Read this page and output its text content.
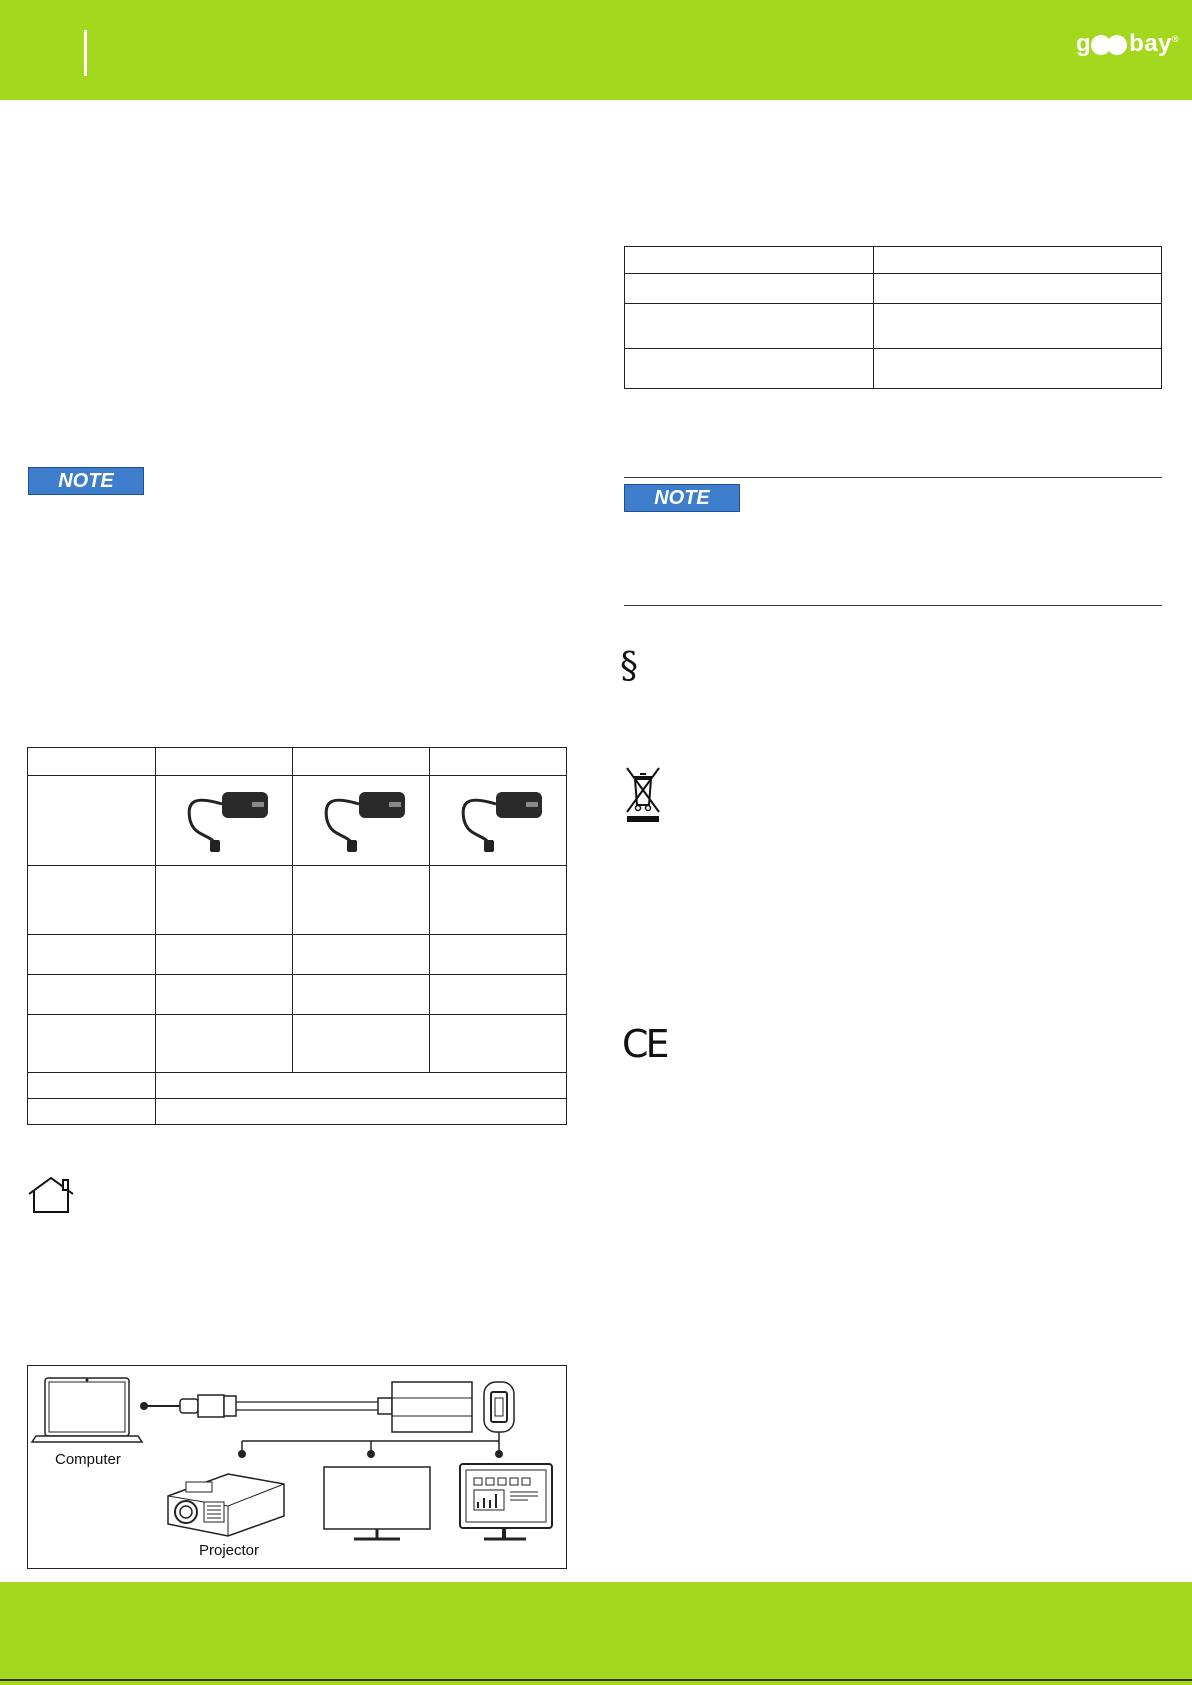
g bay®
NOTE

NOTE
§
CE

Computer
Projector
